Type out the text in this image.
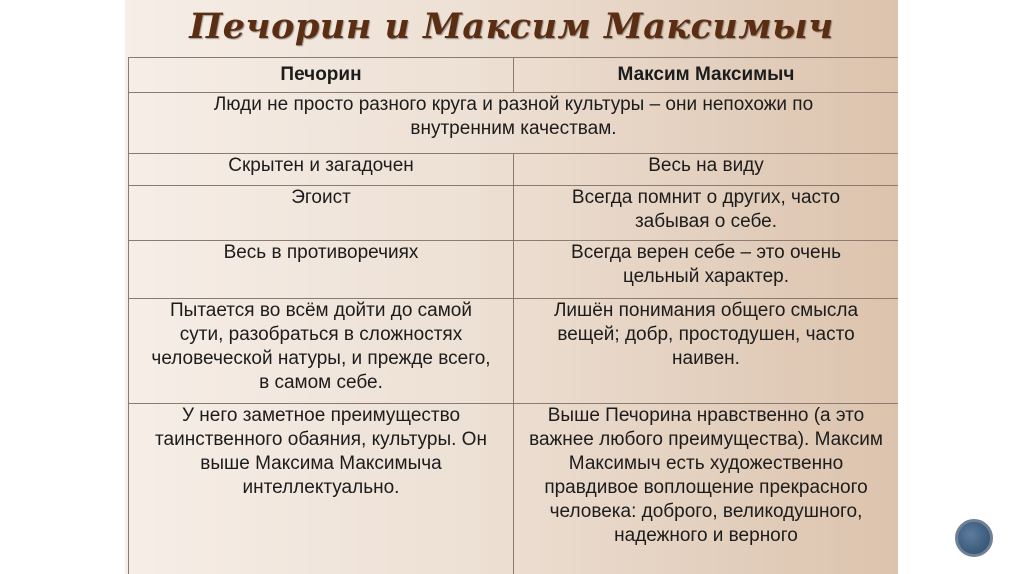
Печорин и Максим Максимыч
Печорин	Максим Максимыч
Люди не просто разного круга и разной культуры – они непохожи по внутренним качествам.	
Скрытен и загадочен	Весь на виду
Эгоист	Всегда помнит о других, часто забывая о себе.
Весь в противоречиях	Всегда верен себе – это очень цельный характер.
Пытается во всём дойти до самой сути, разобраться в сложностях человеческой натуры, и прежде всего, в самом себе.	Лишён понимания общего смысла вещей; добр, простодушен, часто наивен.
У него заметное преимущество таинственного обаяния, культуры. Он выше Максима Максимыча интеллектуально.	Выше Печорина нравственно (а это важнее любого преимущества). Максим Максимыч есть художественно правдивое воплощение прекрасного человека: доброго, великодушного, надежного и верного
